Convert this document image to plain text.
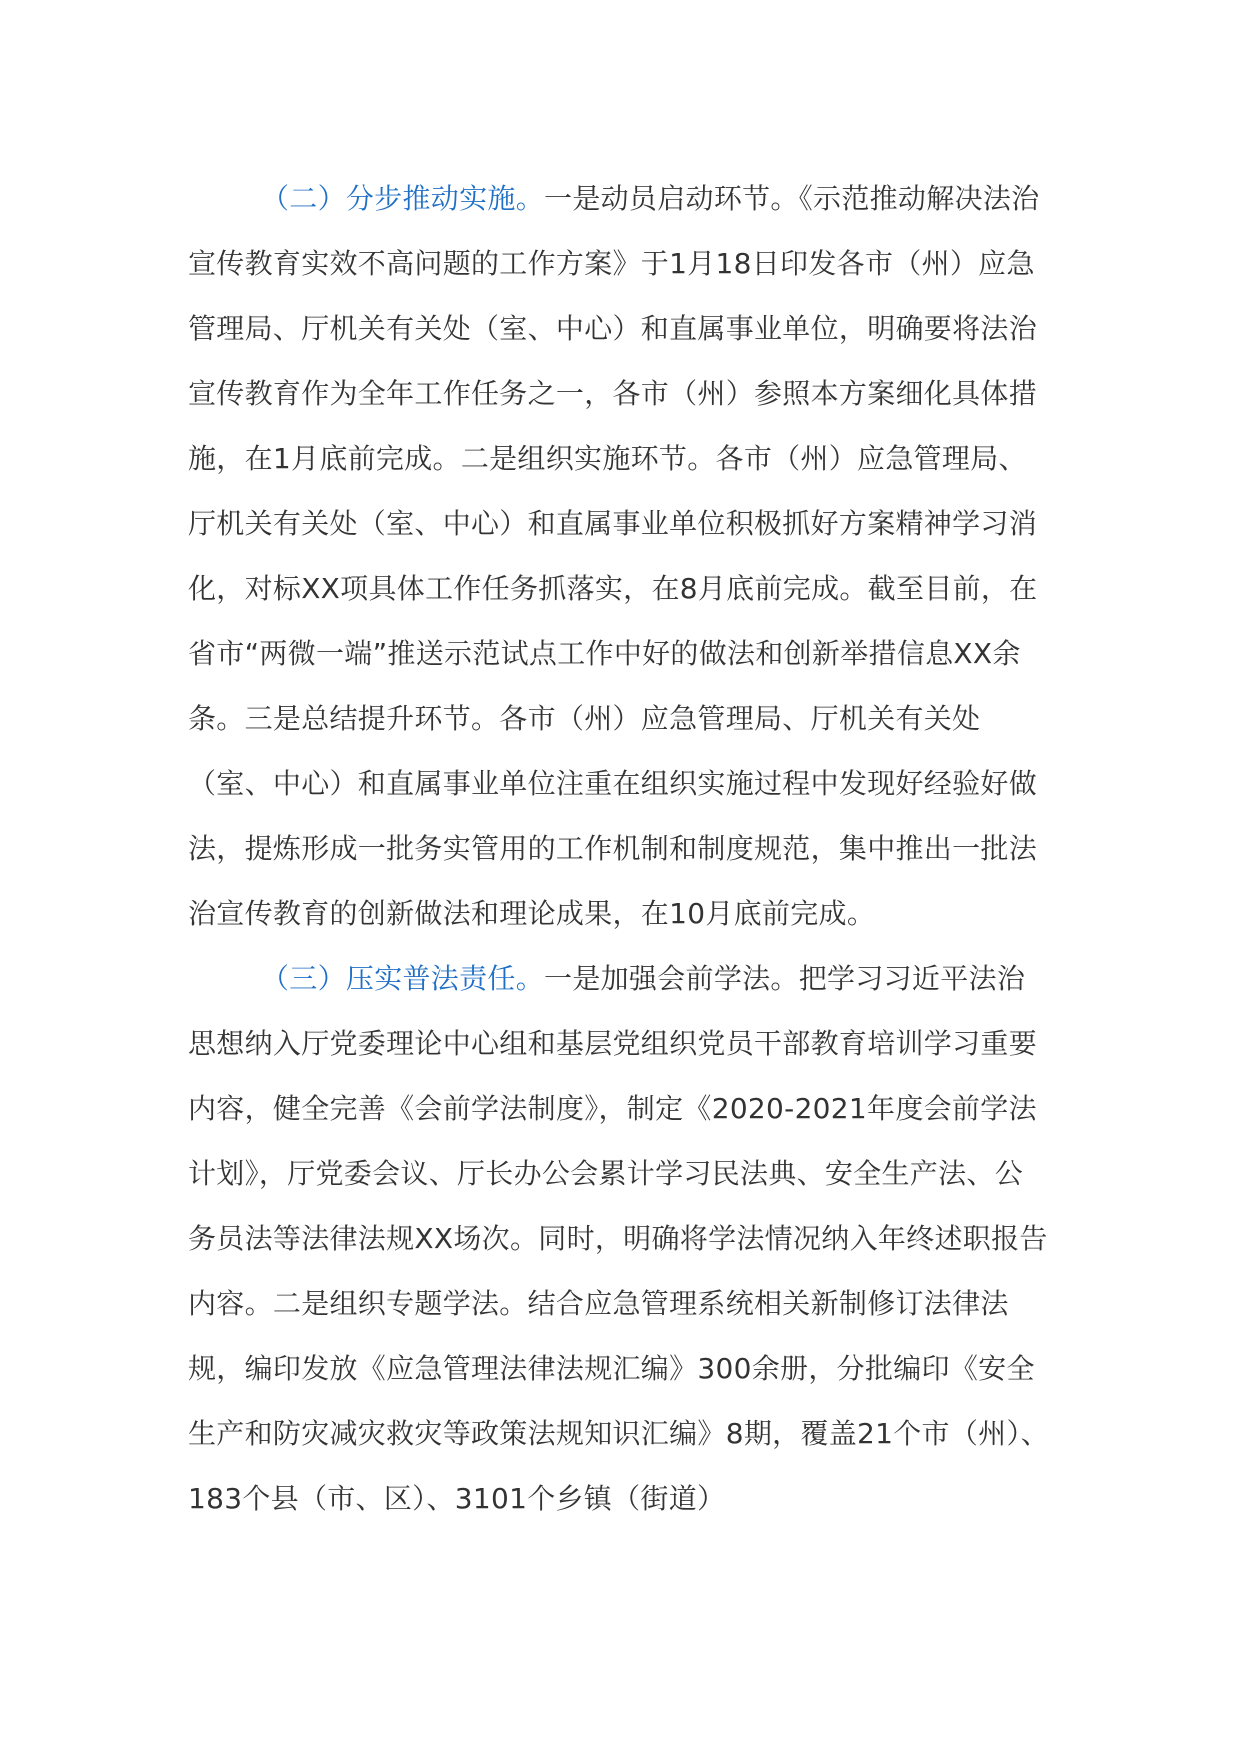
（二）分步推动实施。一是动员启动环节。《示范推动解决法治宣传教育实效不高问题的工作方案》于1月18日印发各市（州）应急管理局、厅机关有关处（室、中心）和直属事业单位，明确要将法治宣传教育作为全年工作任务之一，各市（州）参照本方案细化具体措施，在1月底前完成。二是组织实施环节。各市（州）应急管理局、厅机关有关处（室、中心）和直属事业单位积极抓好方案精神学习消化，对标XX项具体工作任务抓落实，在8月底前完成。截至目前，在省市“两微一端”推送示范试点工作中好的做法和创新举措信息XX余条。三是总结提升环节。各市（州）应急管理局、厅机关有关处（室、中心）和直属事业单位注重在组织实施过程中发现好经验好做法，提炼形成一批务实管用的工作机制和制度规范，集中推出一批法治宣传教育的创新做法和理论成果，在10月底前完成。

（三）压实普法责任。一是加强会前学法。把学习习近平法治思想纳入厅党委理论中心组和基层党组织党员干部教育培训学习重要内容，健全完善《会前学法制度》，制定《2020-2021年度会前学法计划》，厅党委会议、厅长办公会累计学习民法典、安全生产法、公务员法等法律法规XX场次。同时，明确将学法情况纳入年终述职报告内容。二是组织专题学法。结合应急管理系统相关新制修订法律法规，编印发放《应急管理法律法规汇编》300余册，分批编印《安全生产和防灾减灾救灾等政策法规知识汇编》8期，覆盖21个市（州）、183个县（市、区）、3101个乡镇（街道）
